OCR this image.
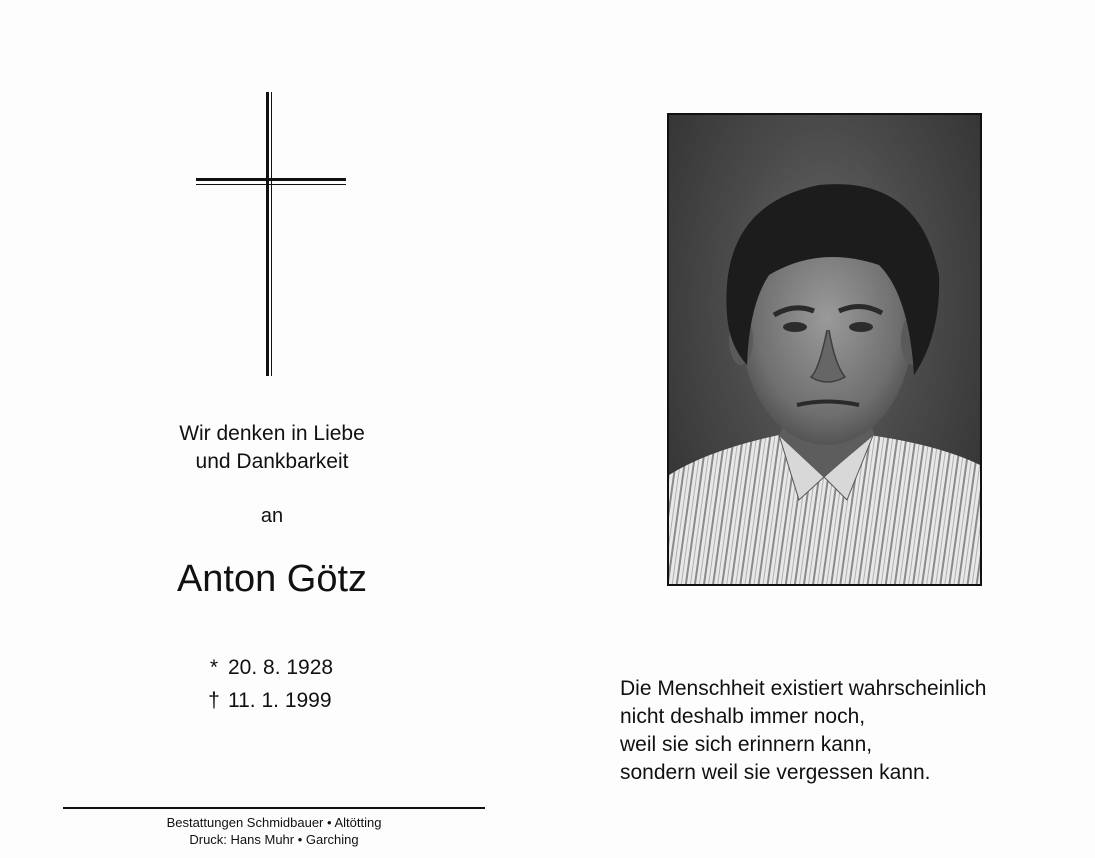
Wir denken in Liebe
und Dankbarkeit
an
Anton Götz
* 20. 8. 1928
† 11. 1. 1999
Bestattungen Schmidbauer • Altötting
Druck: Hans Muhr • Garching
Die Menschheit existiert wahrscheinlich
nicht deshalb immer noch,
weil sie sich erinnern kann,
sondern weil sie vergessen kann.
